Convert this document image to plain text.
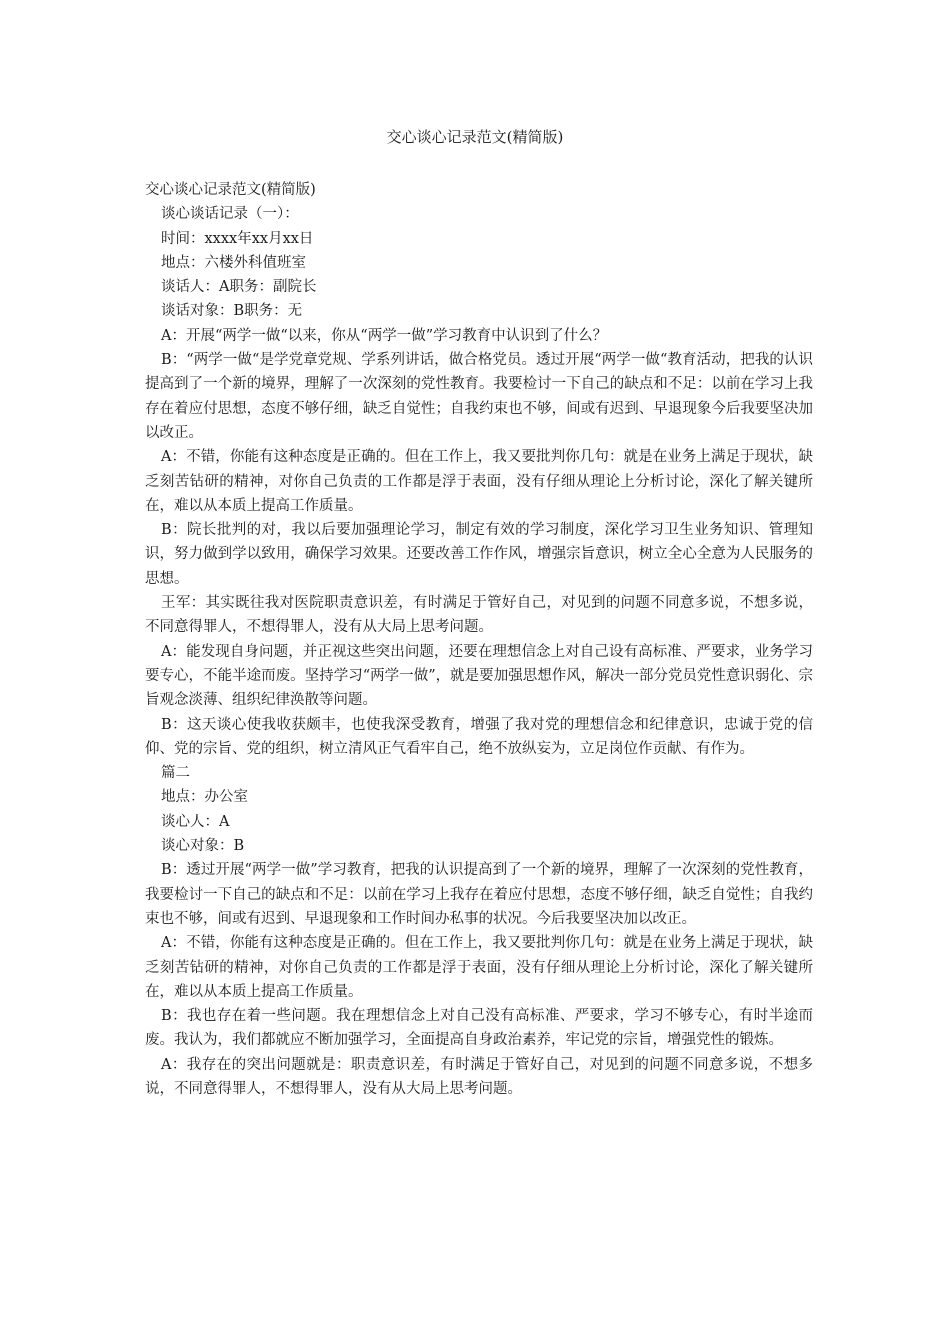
交心谈心记录范文(精简版)

交心谈心记录范文(精简版)

谈心谈话记录（一）：

时间：xxxx年xx月xx日

地点：六楼外科值班室

谈话人：A职务：副院长

谈话对象：B职务：无

A：开展“两学一做“以来，你从“两学一做”学习教育中认识到了什么？

B：“两学一做“是学党章党规、学系列讲话，做合格党员。透过开展“两学一做“教育活动，把我的认识提高到了一个新的境界，理解了一次深刻的党性教育。我要检讨一下自己的缺点和不足：以前在学习上我存在着应付思想，态度不够仔细，缺乏自觉性；自我约束也不够，间或有迟到、早退现象今后我要坚决加以改正。

A：不错，你能有这种态度是正确的。但在工作上，我又要批判你几句：就是在业务上满足于现状，缺乏刻苦钻研的精神，对你自己负责的工作都是浮于表面，没有仔细从理论上分析讨论，深化了解关键所在，难以从本质上提高工作质量。

B：院长批判的对，我以后要加强理论学习，制定有效的学习制度，深化学习卫生业务知识、管理知识，努力做到学以致用，确保学习效果。还要改善工作作风，增强宗旨意识，树立全心全意为人民服务的思想。

王军：其实既往我对医院职责意识差，有时满足于管好自己，对见到的问题不同意多说，不想多说，不同意得罪人，不想得罪人，没有从大局上思考问题。

A：能发现自身问题，并正视这些突出问题，还要在理想信念上对自己设有高标准、严要求，业务学习要专心，不能半途而废。坚持学习“两学一做”，就是要加强思想作风，解决一部分党员党性意识弱化、宗旨观念淡薄、组织纪律涣散等问题。

B：这天谈心使我收获颇丰，也使我深受教育，增强了我对党的理想信念和纪律意识，忠诚于党的信仰、党的宗旨、党的组织，树立清风正气看牢自己，绝不放纵妄为，立足岗位作贡献、有作为。

篇二

地点：办公室

谈心人：A

谈心对象：B

B：透过开展“两学一做”学习教育，把我的认识提高到了一个新的境界，理解了一次深刻的党性教育，我要检讨一下自己的缺点和不足：以前在学习上我存在着应付思想，态度不够仔细，缺乏自觉性；自我约束也不够，间或有迟到、早退现象和工作时间办私事的状况。今后我要坚决加以改正。

A：不错，你能有这种态度是正确的。但在工作上，我又要批判你几句：就是在业务上满足于现状，缺乏刻苦钻研的精神，对你自己负责的工作都是浮于表面，没有仔细从理论上分析讨论，深化了解关键所在，难以从本质上提高工作质量。

B：我也存在着一些问题。我在理想信念上对自己没有高标准、严要求，学习不够专心，有时半途而废。我认为，我们都就应不断加强学习，全面提高自身政治素养，牢记党的宗旨，增强党性的锻炼。

A：我存在的突出问题就是：职责意识差，有时满足于管好自己，对见到的问题不同意多说，不想多说，不同意得罪人，不想得罪人，没有从大局上思考问题。
